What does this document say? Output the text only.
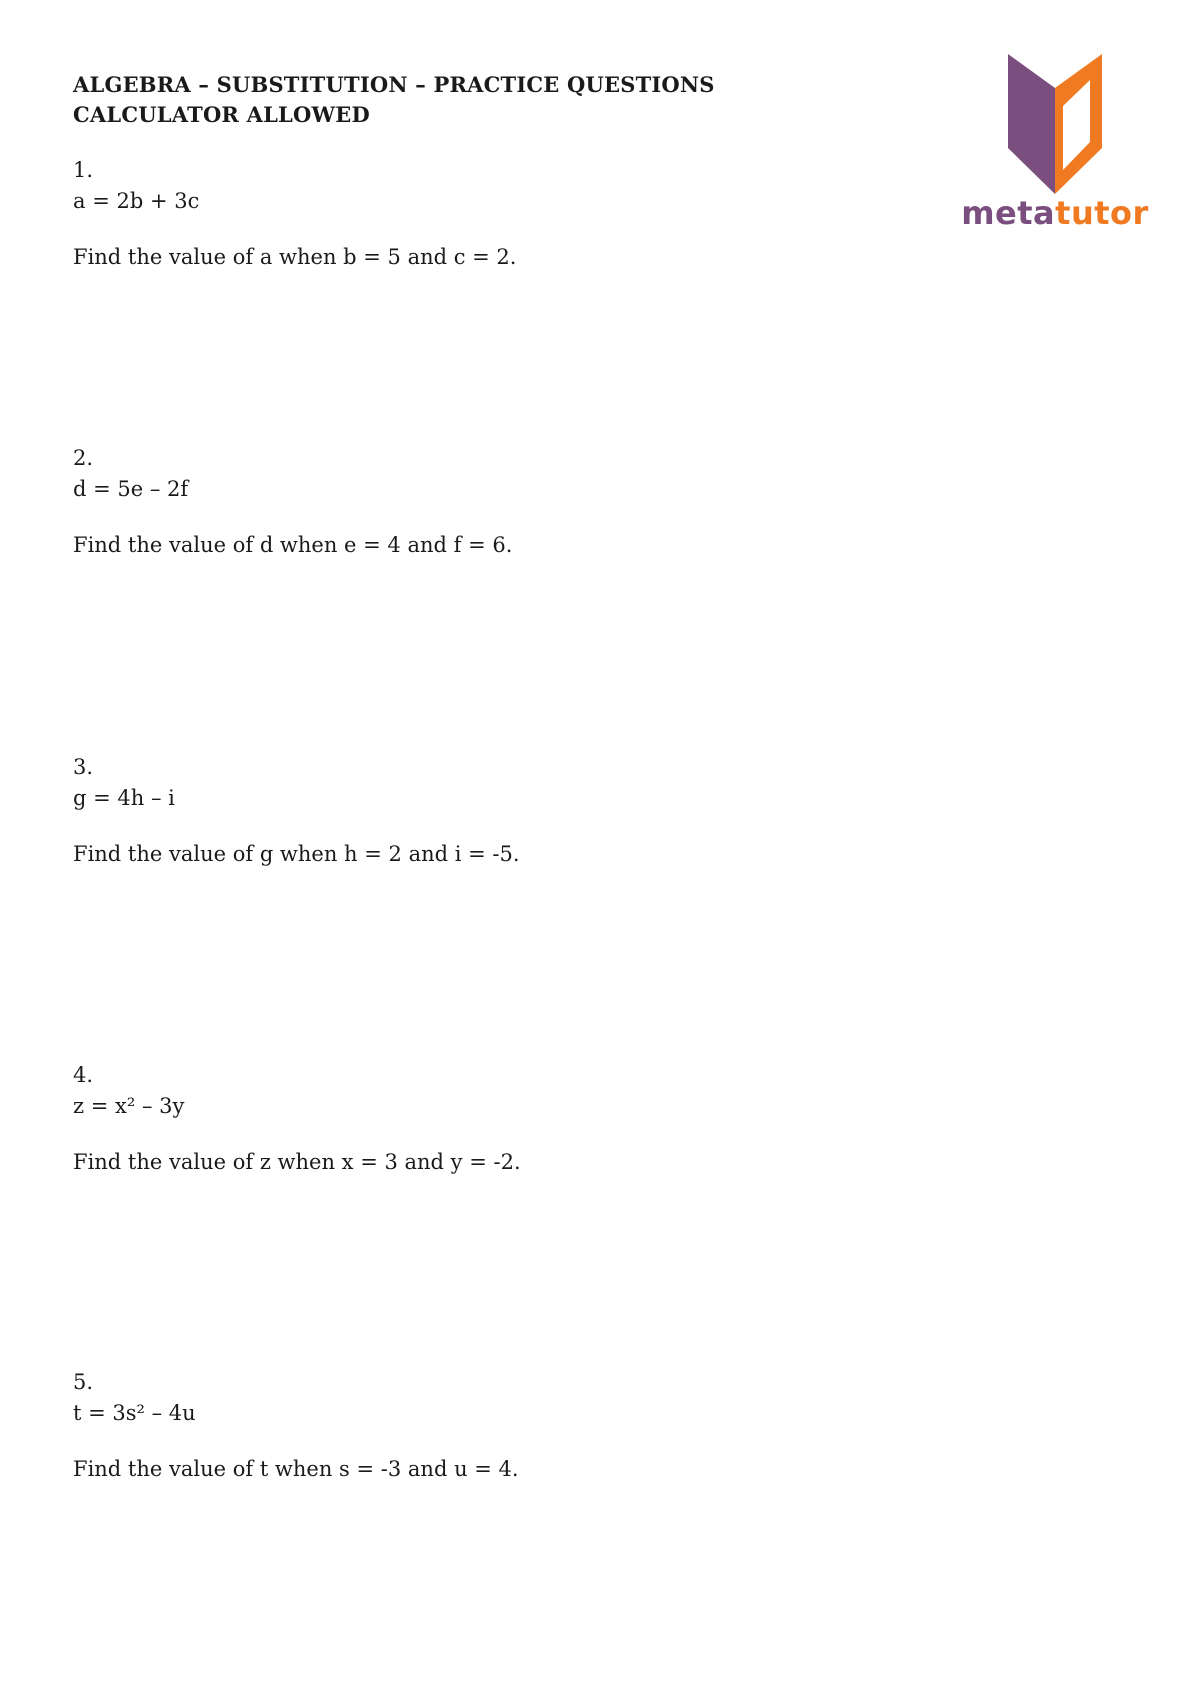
ALGEBRA – SUBSTITUTION – PRACTICE QUESTIONS
CALCULATOR ALLOWED
metatutor
1.
a = 2b + 3c
Find the value of a when b = 5 and c = 2.
2.
d = 5e – 2f
Find the value of d when e = 4 and f = 6.
3.
g = 4h – i
Find the value of g when h = 2 and i = -5.
4.
z = x² – 3y
Find the value of z when x = 3 and y = -2.
5.
t = 3s² – 4u
Find the value of t when s = -3 and u = 4.
